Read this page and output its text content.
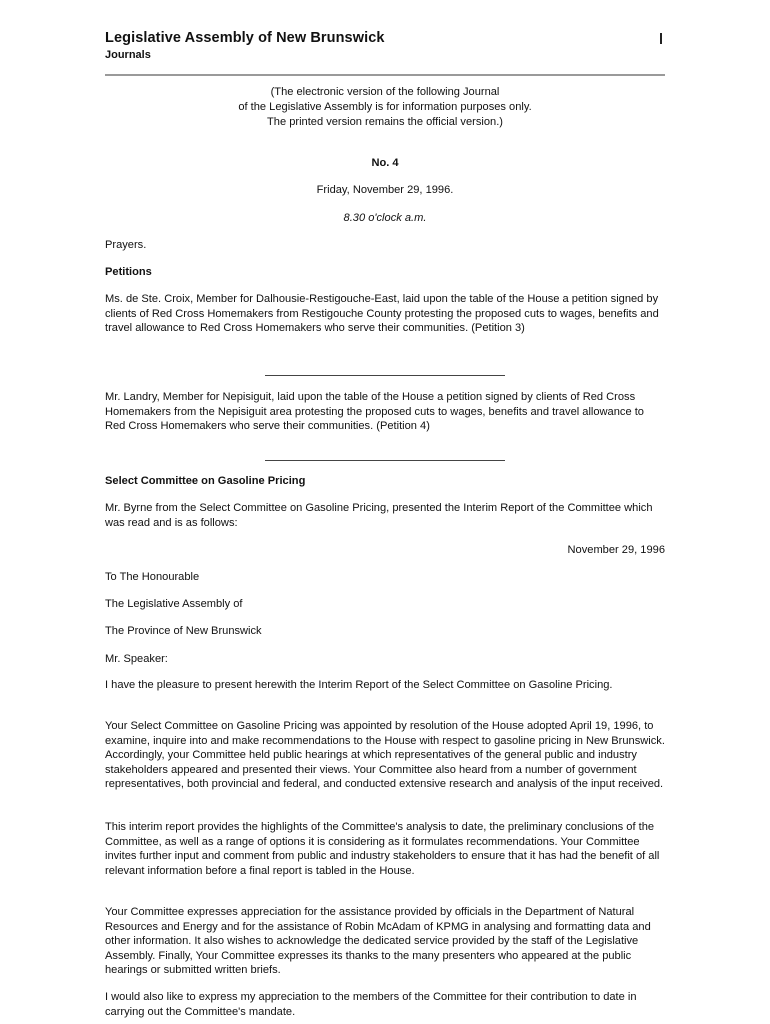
Legislative Assembly of New Brunswick
Journals
(The electronic version of the following Journal
of the Legislative Assembly is for information purposes only.
The printed version remains the official version.)
No. 4
Friday, November 29, 1996.
8.30 o'clock a.m.
Prayers.
Petitions
Ms. de Ste. Croix, Member for Dalhousie-Restigouche-East, laid upon the table of the House a petition signed by clients of Red Cross Homemakers from Restigouche County protesting the proposed cuts to wages, benefits and travel allowance to Red Cross Homemakers who serve their communities. (Petition 3)
Mr. Landry, Member for Nepisiguit, laid upon the table of the House a petition signed by clients of Red Cross Homemakers from the Nepisiguit area protesting the proposed cuts to wages, benefits and travel allowance to Red Cross Homemakers who serve their communities. (Petition 4)
Select Committee on Gasoline Pricing
Mr. Byrne from the Select Committee on Gasoline Pricing, presented the Interim Report of the Committee which was read and is as follows:
November 29, 1996
To The Honourable
The Legislative Assembly of
The Province of New Brunswick
Mr. Speaker:
I have the pleasure to present herewith the Interim Report of the Select Committee on Gasoline Pricing.
Your Select Committee on Gasoline Pricing was appointed by resolution of the House adopted April 19, 1996, to examine, inquire into and make recommendations to the House with respect to gasoline pricing in New Brunswick. Accordingly, your Committee held public hearings at which representatives of the general public and industry stakeholders appeared and presented their views. Your Committee also heard from a number of government representatives, both provincial and federal, and conducted extensive research and analysis of the input received.
This interim report provides the highlights of the Committee's analysis to date, the preliminary conclusions of the Committee, as well as a range of options it is considering as it formulates recommendations. Your Committee invites further input and comment from public and industry stakeholders to ensure that it has had the benefit of all relevant information before a final report is tabled in the House.
Your Committee expresses appreciation for the assistance provided by officials in the Department of Natural Resources and Energy and for the assistance of Robin McAdam of KPMG in analysing and formatting data and other information. It also wishes to acknowledge the dedicated service provided by the staff of the Legislative Assembly. Finally, Your Committee expresses its thanks to the many presenters who appeared at the public hearings or submitted written briefs.
I would also like to express my appreciation to the members of the Committee for their contribution to date in carrying out the Committee's mandate.
